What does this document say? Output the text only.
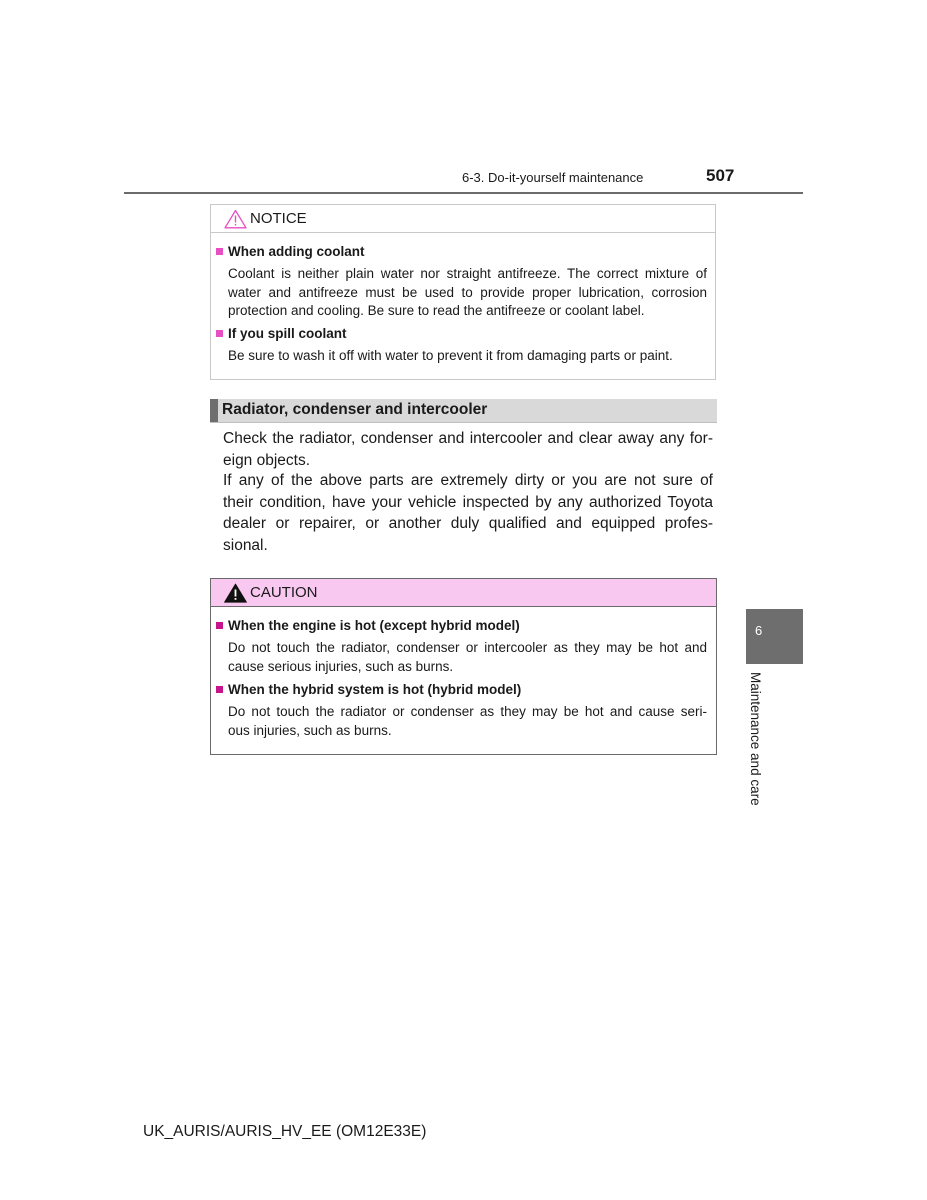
6-3. Do-it-yourself maintenance	507
NOTICE
When adding coolant
Coolant is neither plain water nor straight antifreeze. The correct mixture of
water and antifreeze must be used to provide proper lubrication, corrosion
protection and cooling. Be sure to read the antifreeze or coolant label.
If you spill coolant
Be sure to wash it off with water to prevent it from damaging parts or paint.
Radiator, condenser and intercooler
Check the radiator, condenser and intercooler and clear away any for-
eign objects.
If any of the above parts are extremely dirty or you are not sure of
their condition, have your vehicle inspected by any authorized Toyota
dealer or repairer, or another duly qualified and equipped profes-
sional.
CAUTION
When the engine is hot (except hybrid model)
Do not touch the radiator, condenser or intercooler as they may be hot and
cause serious injuries, such as burns.
When the hybrid system is hot (hybrid model)
Do not touch the radiator or condenser as they may be hot and cause seri-
ous injuries, such as burns.
6
Maintenance and care
UK_AURIS/AURIS_HV_EE (OM12E33E)
